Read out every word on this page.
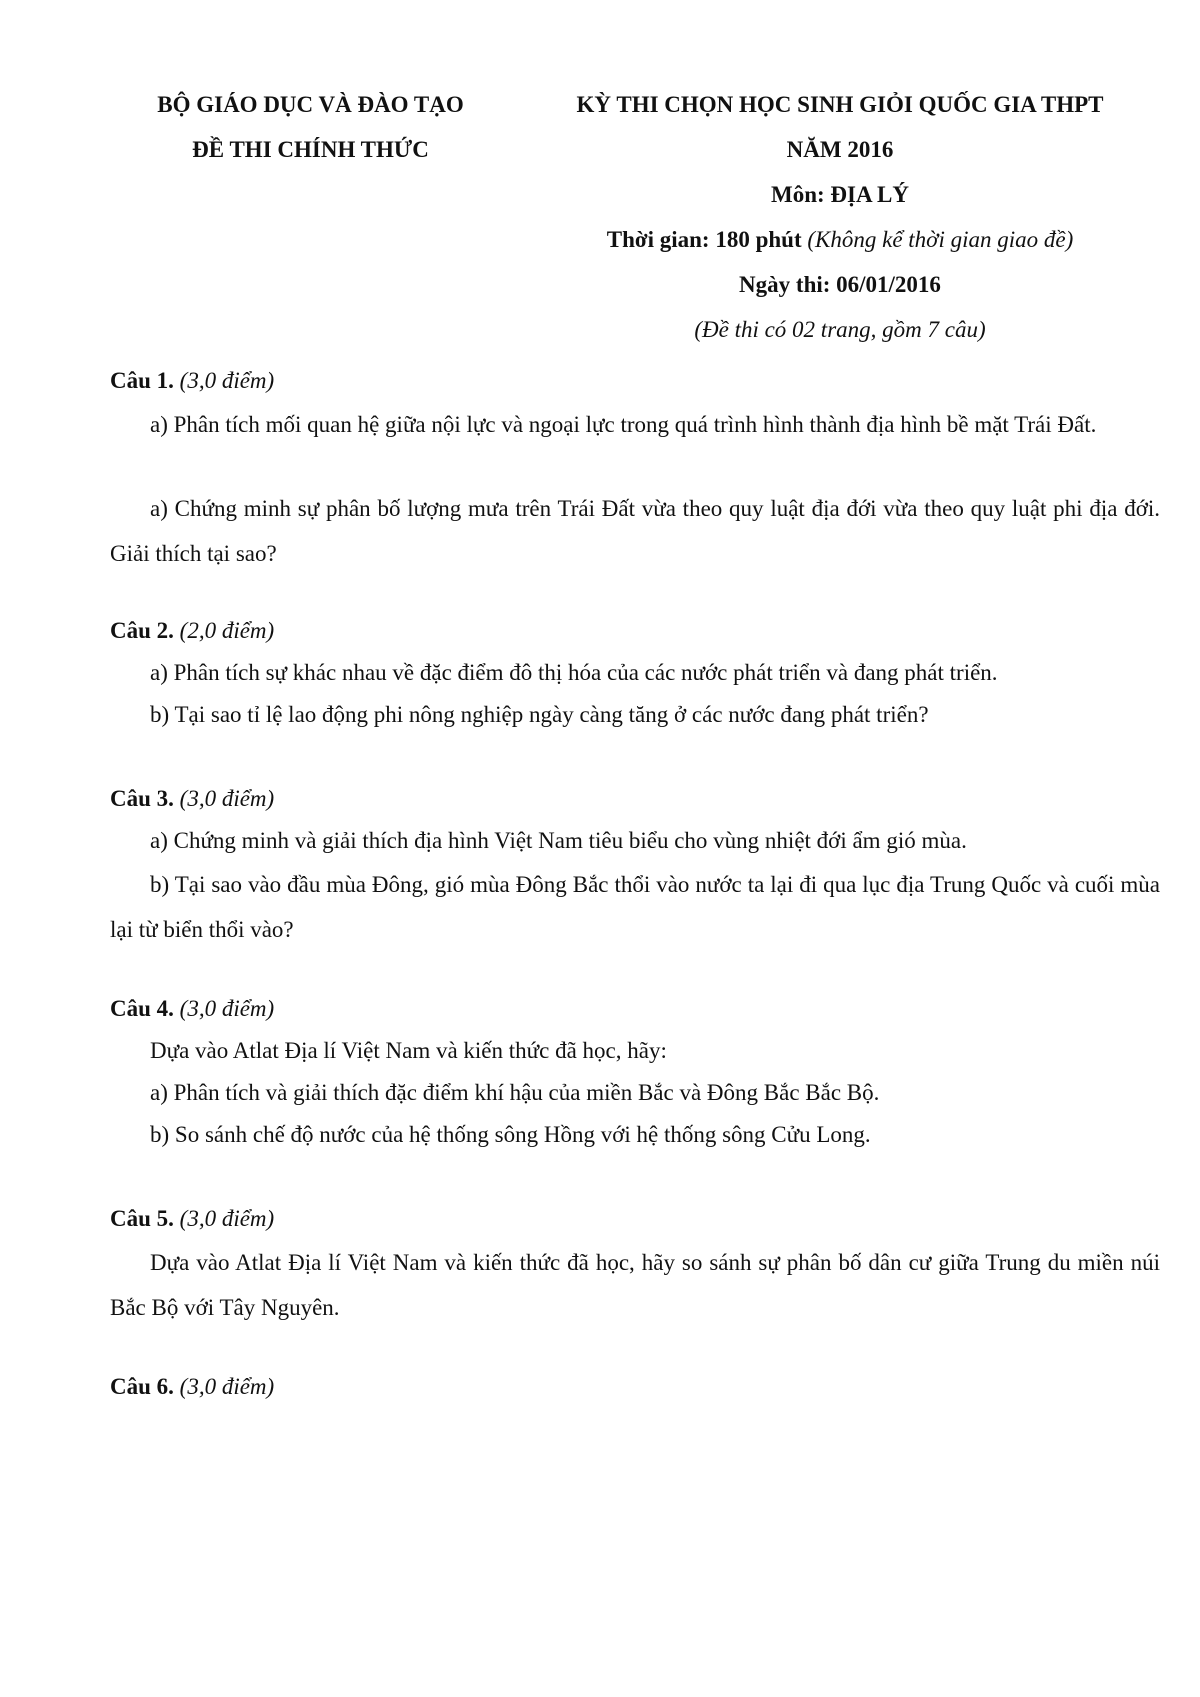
BỘ GIÁO DỤC VÀ ĐÀO TẠO
ĐỀ THI CHÍNH THỨC
KỲ THI CHỌN HỌC SINH GIỎI QUỐC GIA THPT
NĂM 2016
Môn: ĐỊA LÝ
Thời gian: 180 phút (Không kể thời gian giao đề)
Ngày thi: 06/01/2016
(Đề thi có 02 trang, gồm 7 câu)
Câu 1. (3,0 điểm)
a) Phân tích mối quan hệ giữa nội lực và ngoại lực trong quá trình hình thành địa hình bề mặt Trái Đất.
a) Chứng minh sự phân bố lượng mưa trên Trái Đất vừa theo quy luật địa đới vừa theo quy luật phi địa đới. Giải thích tại sao?
Câu 2. (2,0 điểm)
a) Phân tích sự khác nhau về đặc điểm đô thị hóa của các nước phát triển và đang phát triển.
b) Tại sao tỉ lệ lao động phi nông nghiệp ngày càng tăng ở các nước đang phát triển?
Câu 3. (3,0 điểm)
a) Chứng minh và giải thích địa hình Việt Nam tiêu biểu cho vùng nhiệt đới ẩm gió mùa.
b) Tại sao vào đầu mùa Đông, gió mùa Đông Bắc thổi vào nước ta lại đi qua lục địa Trung Quốc và cuối mùa lại từ biển thổi vào?
Câu 4. (3,0 điểm)
Dựa vào Atlat Địa lí Việt Nam và kiến thức đã học, hãy:
a) Phân tích và giải thích đặc điểm khí hậu của miền Bắc và Đông Bắc Bắc Bộ.
b) So sánh chế độ nước của hệ thống sông Hồng với hệ thống sông Cửu Long.
Câu 5. (3,0 điểm)
Dựa vào Atlat Địa lí Việt Nam và kiến thức đã học, hãy so sánh sự phân bố dân cư giữa Trung du miền núi Bắc Bộ với Tây Nguyên.
Câu 6. (3,0 điểm)
